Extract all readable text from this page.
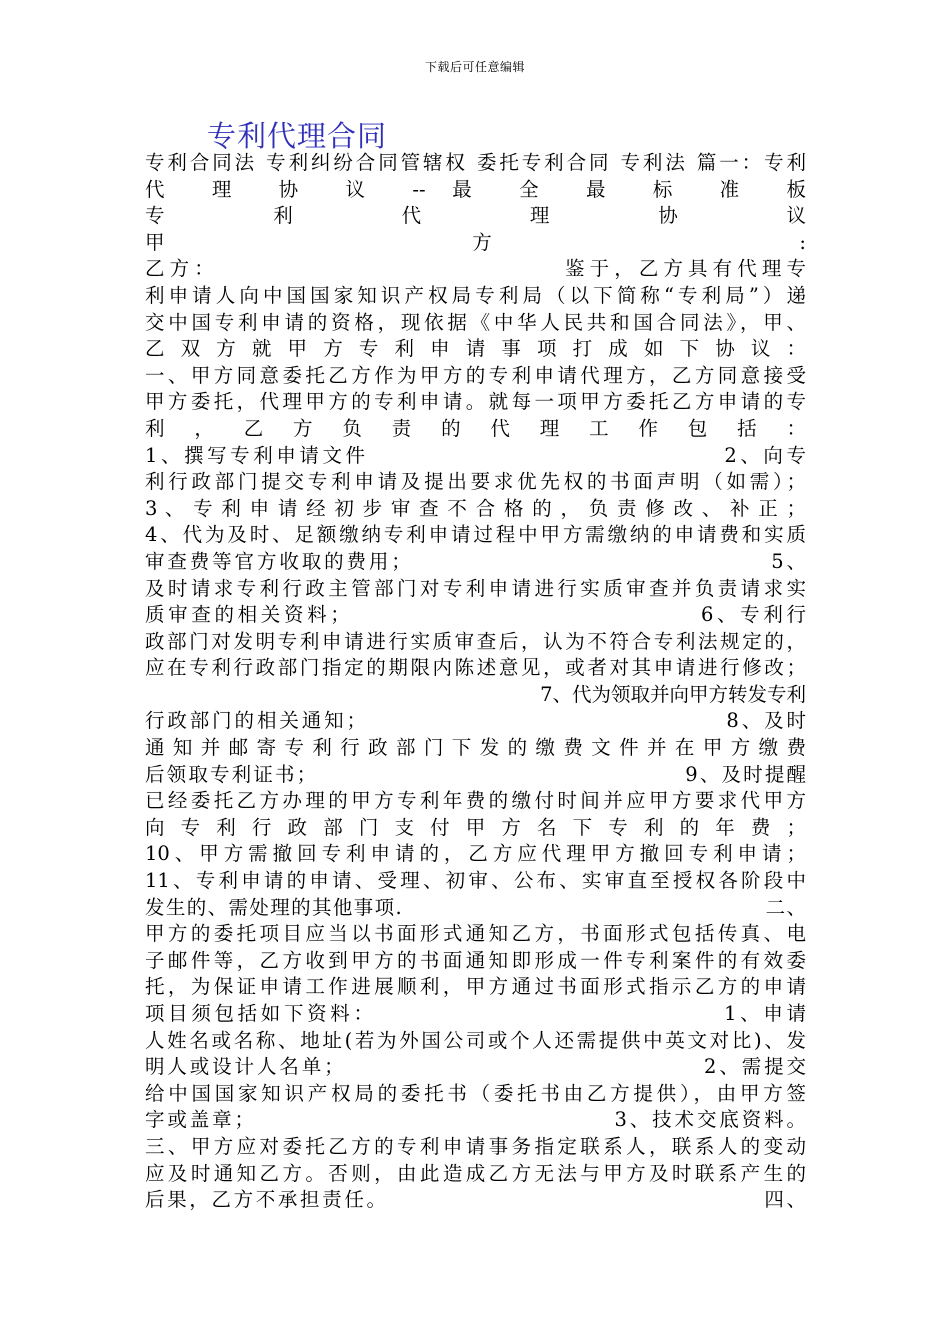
下载后可任意编辑
专利代理合同
专利合同法 专利纠纷合同管辖权 委托专利合同 专利法 篇一：专利
代 理 协 议 -- 最 全 最 标 准 板
专 利 代 理 协 议
甲 方 :
乙方：　　　　　　　　　　　　　　 鉴于，乙方具有代理专
利申请人向中国国家知识产权局专利局（以下简称“专利局”）递
交中国专利申请的资格，现依据《中华人民共和国合同法》，甲、
乙 双 方 就 甲 方 专 利 申 请 事 项 打 成 如 下 协 议 ：
一、甲方同意委托乙方作为甲方的专利申请代理方，乙方同意接受
甲方委托，代理甲方的专利申请。就每一项甲方委托乙方申请的专
利 ， 乙 方 负 责 的 代 理 工 作 包 括 ：
1、撰写专利申请文件　　　　　　　　　　　　　　　 2、向专
利行政部门提交专利申请及提出要求优先权的书面声明（如需）；
3 、 专 利 申 请 经 初 步 审 查 不 合 格 的 ， 负 责 修 改 、 补 正 ；
4、代为及时、足额缴纳专利申请过程中甲方需缴纳的申请费和实质
审查费等官方收取的费用；　　　　　　　　　　　　　　　　 5、
及时请求专利行政主管部门对专利申请进行实质审查并负责请求实
质审查的相关资料；　　　　　　　　　　　　　　　 6、专利行
政部门对发明专利申请进行实质审查后，认为不符合专利法规定的，
应在专利行政部门指定的期限内陈述意见，或者对其申请进行修改；
7、代为领取并向甲方转发专利
行政部门的相关通知；　　　　　　　　　　　　　　　　 8、及时
通 知 并 邮 寄 专 利 行 政 部 门 下 发 的 缴 费 文 件 并 在 甲 方 缴 费
后领取专利证书；　　　　　　　　　　　　　　　　　 9、及时提醒
已经委托乙方办理的甲方专利年费的缴付时间并应甲方要求代甲方
向 专 利 行 政 部 门 支 付 甲 方 名 下 专 利 的 年 费 ；
10、甲方需撤回专利申请的，乙方应代理甲方撤回专利申请；
11、专利申请的申请、受理、初审、公布、实审直至授权各阶段中
发生的、需处理的其他事项.　　　　　　　　　　　　　　　　　 二、
甲方的委托项目应当以书面形式通知乙方，书面形式包括传真、电
子邮件等，乙方收到甲方的书面通知即形成一件专利案件的有效委
托，为保证申请工作进展顺利，甲方通过书面形式指示乙方的申请
项目须包括如下资料：　　　　　　　　　　　　　　　 1、申请
人姓名或名称、地址(若为外国公司或个人还需提供中英文对比)、发
明人或设计人名单；　　　　　　　　　　　　　　　　 2、需提交
给中国国家知识产权局的委托书（委托书由乙方提供），由甲方签
字或盖章；　　　　　　　　　　　　　　　　 3、技术交底资料。
三、甲方应对委托乙方的专利申请事务指定联系人，联系人的变动
应及时通知乙方。否则，由此造成乙方无法与甲方及时联系产生的
后果，乙方不承担责任。　　　　　　　　　　　　　　　　　 四、
